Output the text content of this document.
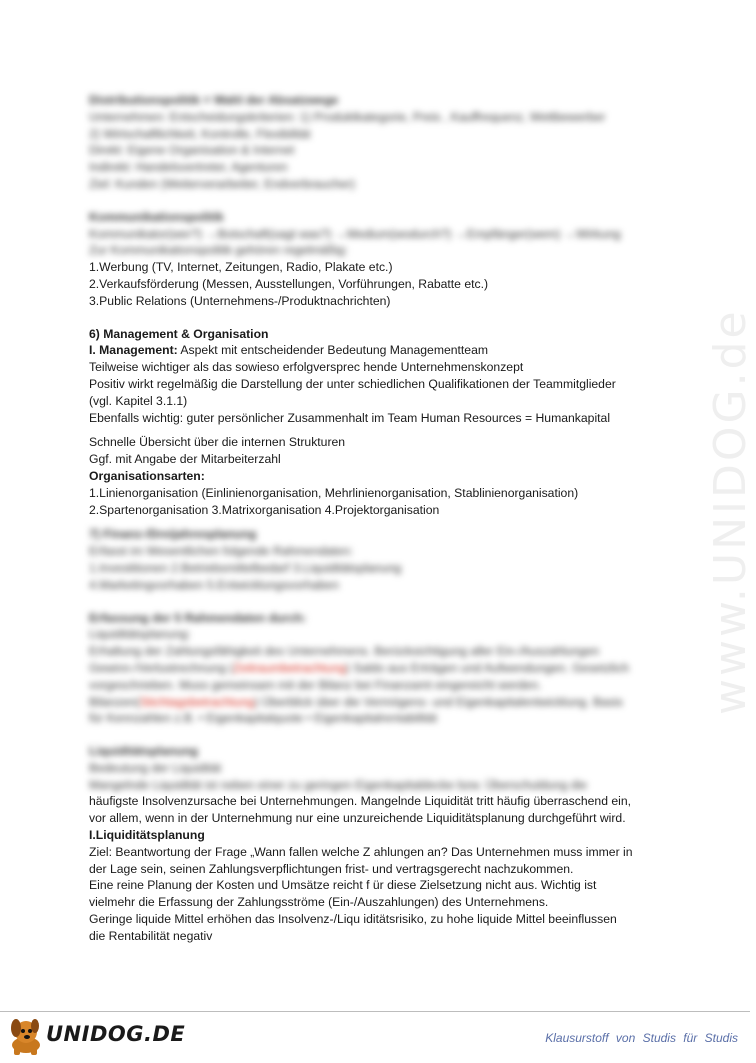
www.UNIDOG.de
Distributionspolitik = Wahl der Absatzwege
Unternehmen: Entscheidungskriterien: 1) Produktkategorie, Preis , Kauffrequenz, Wettbewerber
2) Wirtschaftlichkeit, Kontrolle, Flexibilität
Direkt: Eigene Organisation & Internet
Indirekt: Handelsvertreter, Agenturen
Ziel: Kunden (Weiterverarbeiter, Endverbraucher)
Kommunikationspolitik
Kommunikator(wer?) →Botschaft(sagt was?) →Medium(wodurch?) →Empfänger(wem) →Wirkung
Zur Kommunikationspolitik gehören regelmäßig:
1.Werbung (TV, Internet, Zeitungen, Radio, Plakate etc.)
2.Verkaufsförderung (Messen, Ausstellungen, Vorführungen, Rabatte etc.)
3.Public Relations (Unternehmens-/Produktnachrichten)
6) Management & Organisation
I. Management: Aspekt mit entscheidender Bedeutung Managementteam
Teilweise wichtiger als das sowieso erfolgversprec hende Unternehmenskonzept
Positiv wirkt regelmäßig die Darstellung der unter schiedlichen Qualifikationen der Teammitglieder
(vgl. Kapitel 3.1.1)
Ebenfalls wichtig: guter persönlicher Zusammenhalt im Team Human Resources = Humankapital
Schnelle Übersicht über die internen Strukturen
Ggf. mit Angabe der Mitarbeiterzahl
Organisationsarten:
1.Linienorganisation (Einlinienorganisation, Mehrlinienorganisation, Stablinienorganisation)
2.Spartenorganisation 3.Matrixorganisation 4.Projektorganisation
7) Finanz-/Dreijahresplanung
Erfasst im Wesentlichen folgende Rahmendaten:
1.Investitionen 2.Betriebsmittelbedarf 3.Liquiditätsplanung
4.Marketingvorhaben 5.Entwicklungsvorhaben
Erfassung der 5 Rahmendaten durch:
Liquiditätsplanung:
Erhaltung der Zahlungsfähigkeit des Unternehmens. Berücksichtigung aller Ein-/Auszahlungen
Gewinn-/Verlustrechnung (Zeitraumbetrachtung) Saldo aus Erträgen und Aufwendungen. Gesetzlich
vorgeschrieben. Muss gemeinsam mit der Bilanz bei Finanzamt eingereicht werden.
Bilanzen(Stichtagsbetrachtung) Überblick über die Vermögens- und Eigenkapitalentwicklung. Basis
für Kennzahlen z.B. • Eigenkapitalquote • Eigenkapitalrentabilität
Liquiditätsplanung
Bedeutung der Liquidität
Mangelnde Liquidität ist neben einer zu geringen Eigenkapitaldecke bzw. Überschuldung die
häufigste Insolvenzursache bei Unternehmungen. Mangelnde Liquidität tritt häufig überraschend ein,
vor allem, wenn in der Unternehmung nur eine unzureichende Liquiditätsplanung durchgeführt wird.
I.Liquiditätsplanung
Ziel: Beantwortung der Frage „Wann fallen welche Z ahlungen an? Das Unternehmen muss immer in
der Lage sein, seinen Zahlungsverpflichtungen frist- und vertragsgerecht nachzukommen.
Eine reine Planung der Kosten und Umsätze reicht f ür diese Zielsetzung nicht aus. Wichtig ist
vielmehr die Erfassung der Zahlungsströme (Ein-/Auszahlungen) des Unternehmens.
Geringe liquide Mittel erhöhen das Insolvenz-/Liqu iditätsrisiko, zu hohe liquide Mittel beeinflussen
die Rentabilität negativ
UNIDOG.DE	Klausurstoff von Studis für Studis
